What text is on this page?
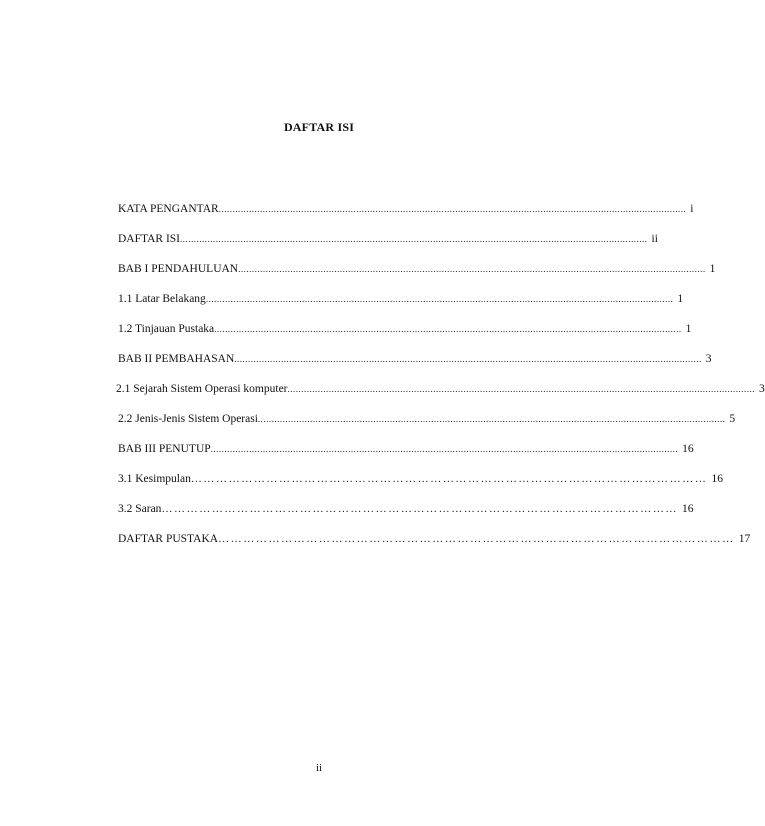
DAFTAR ISI
KATA PENGANTAR .......................................................................................................................................................................... i
DAFTAR ISI .......................................................................................................................................................................... ii
BAB I PENDAHULUAN .......................................................................................................................................................................... 1
1.1 Latar Belakang .......................................................................................................................................................................... 1
1.2 Tinjauan Pustaka .......................................................................................................................................................................... 1
BAB II PEMBAHASAN .......................................................................................................................................................................... 3
2.1 Sejarah Sistem Operasi komputer .......................................................................................................................................................................... 3
2.2 Jenis-Jenis Sistem Operasi .......................................................................................................................................................................... 5
BAB III PENUTUP .......................................................................................................................................................................... 16
3.1 Kesimpulan …………………………………………………………………………………………………………… 16
3.2 Saran …………………………………………………………………………………………………………… 16
DAFTAR PUSTAKA …………………………………………………………………………………………………………… 17
ii
